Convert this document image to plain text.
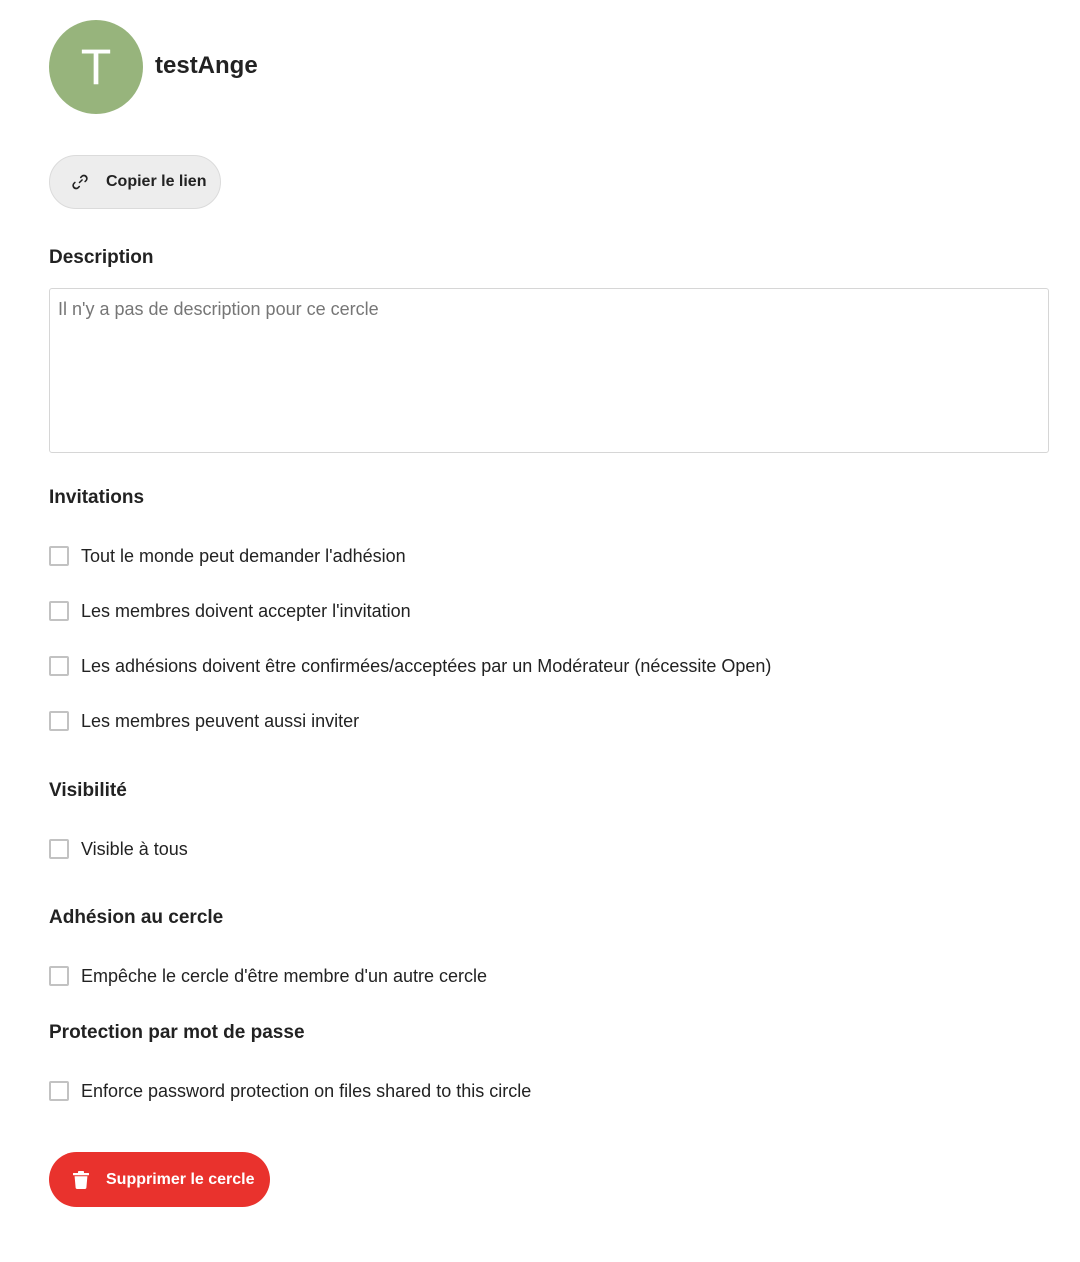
T	testAnge
Copier le lien
Description
Il n'y a pas de description pour ce cercle
Invitations
Tout le monde peut demander l'adhésion
Les membres doivent accepter l'invitation
Les adhésions doivent être confirmées/acceptées par un Modérateur (nécessite Open)
Les membres peuvent aussi inviter
Visibilité
Visible à tous
Adhésion au cercle
Empêche le cercle d'être membre d'un autre cercle
Protection par mot de passe
Enforce password protection on files shared to this circle
Supprimer le cercle
